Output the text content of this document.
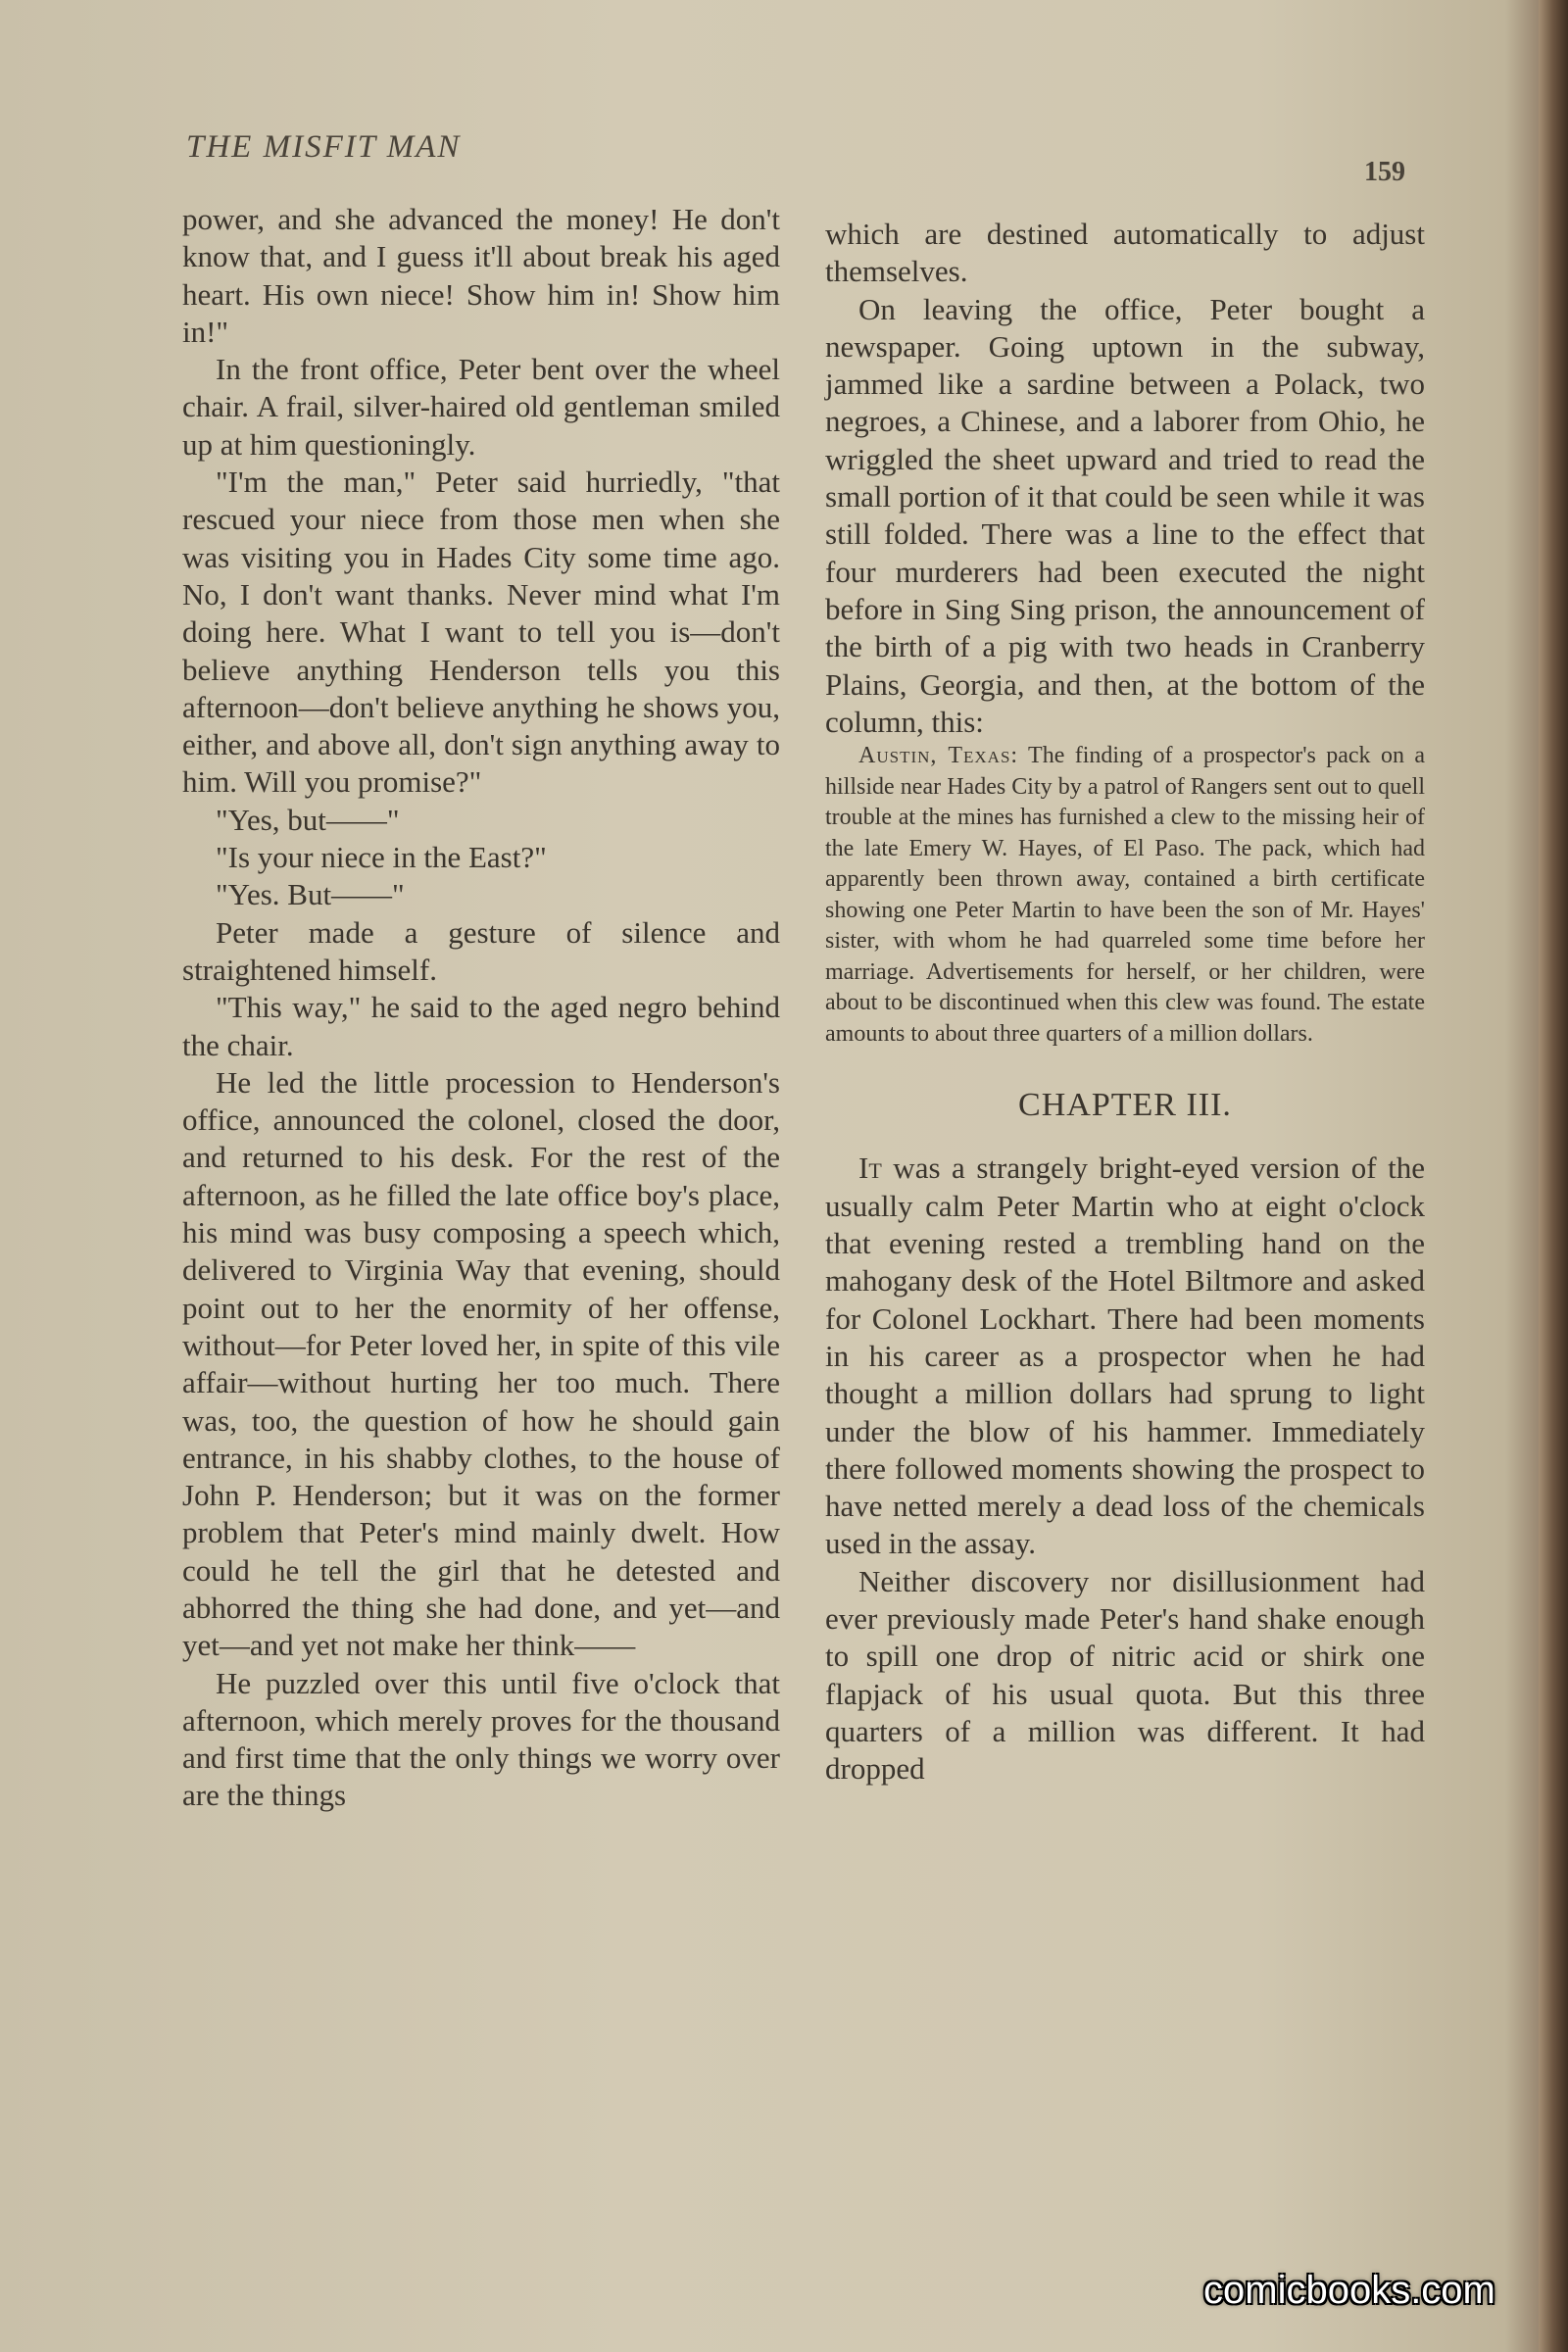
THE MISFIT MAN
159

power, and she advanced the money! He don't know that, and I guess it'll about break his aged heart. His own niece! Show him in! Show him in!"

In the front office, Peter bent over the wheel chair. A frail, silver-haired old gentleman smiled up at him questioningly.

"I'm the man," Peter said hurriedly, "that rescued your niece from those men when she was visiting you in Hades City some time ago. No, I don't want thanks. Never mind what I'm doing here. What I want to tell you is—don't believe anything Henderson tells you this afternoon—don't believe anything he shows you, either, and above all, don't sign anything away to him. Will you promise?"

"Yes, but——"

"Is your niece in the East?"

"Yes. But——"

Peter made a gesture of silence and straightened himself.

"This way," he said to the aged negro behind the chair.

He led the little procession to Henderson's office, announced the colonel, closed the door, and returned to his desk. For the rest of the afternoon, as he filled the late office boy's place, his mind was busy composing a speech which, delivered to Virginia Way that evening, should point out to her the enormity of her offense, without—for Peter loved her, in spite of this vile affair—without hurting her too much. There was, too, the question of how he should gain entrance, in his shabby clothes, to the house of John P. Henderson; but it was on the former problem that Peter's mind mainly dwelt. How could he tell the girl that he detested and abhorred the thing she had done, and yet—and yet—and yet not make her think——

He puzzled over this until five o'clock that afternoon, which merely proves for the thousand and first time that the only things we worry over are the things

which are destined automatically to adjust themselves.

On leaving the office, Peter bought a newspaper. Going uptown in the subway, jammed like a sardine between a Polack, two negroes, a Chinese, and a laborer from Ohio, he wriggled the sheet upward and tried to read the small portion of it that could be seen while it was still folded. There was a line to the effect that four murderers had been executed the night before in Sing Sing prison, the announcement of the birth of a pig with two heads in Cranberry Plains, Georgia, and then, at the bottom of the column, this:

Austin, Texas: The finding of a prospector's pack on a hillside near Hades City by a patrol of Rangers sent out to quell trouble at the mines has furnished a clew to the missing heir of the late Emery W. Hayes, of El Paso. The pack, which had apparently been thrown away, contained a birth certificate showing one Peter Martin to have been the son of Mr. Hayes' sister, with whom he had quarreled some time before her marriage. Advertisements for herself, or her children, were about to be discontinued when this clew was found. The estate amounts to about three quarters of a million dollars.

CHAPTER III.

It was a strangely bright-eyed version of the usually calm Peter Martin who at eight o'clock that evening rested a trembling hand on the mahogany desk of the Hotel Biltmore and asked for Colonel Lockhart. There had been moments in his career as a prospector when he had thought a million dollars had sprung to light under the blow of his hammer. Immediately there followed moments showing the prospect to have netted merely a dead loss of the chemicals used in the assay.

Neither discovery nor disillusionment had ever previously made Peter's hand shake enough to spill one drop of nitric acid or shirk one flapjack of his usual quota. But this three quarters of a million was different. It had dropped

comicbooks.com
